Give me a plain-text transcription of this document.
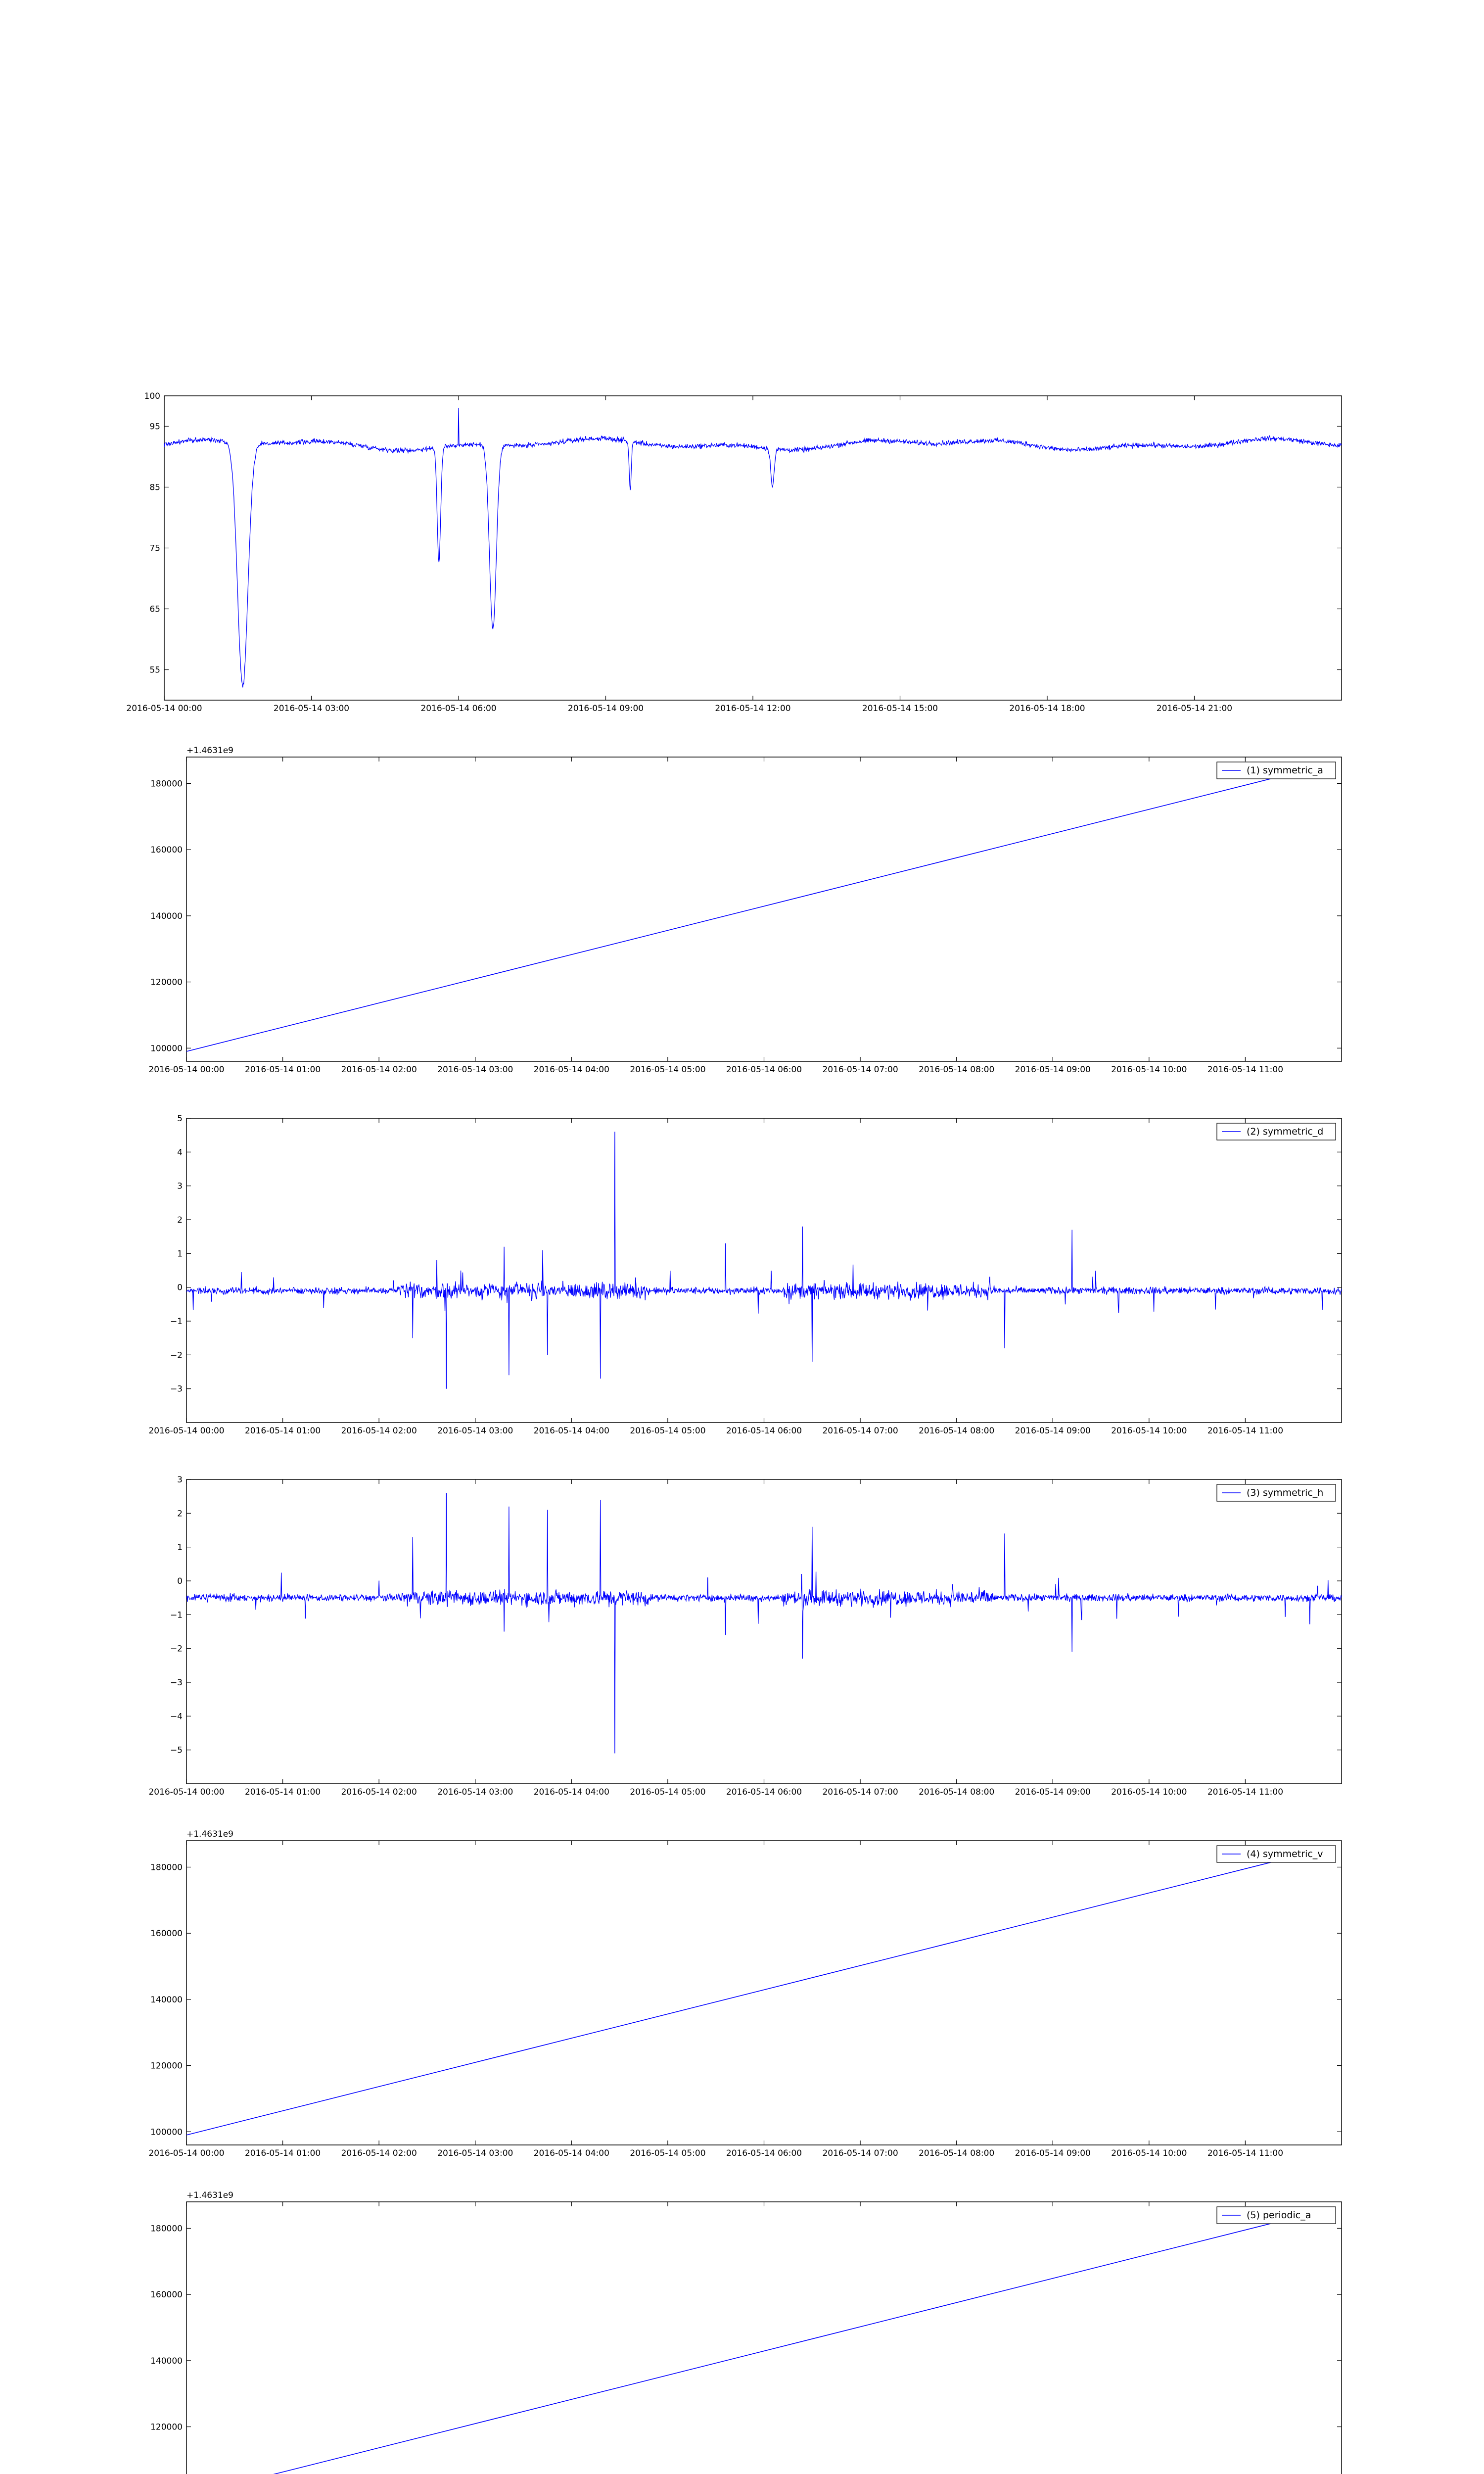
55
65
75
85
95
100
2016-05-14 00:00	2016-05-14 03:00	2016-05-14 06:00	2016-05-14 09:00	2016-05-14 12:00	2016-05-14 15:00	2016-05-14 18:00	2016-05-14 21:00
100000
120000
140000
160000
180000
2016-05-14 00:00 2016-05-14 01:00 2016-05-14 02:00 2016-05-14 03:00 2016-05-14 04:00 2016-05-14 05:00 2016-05-14 06:00 2016-05-14 07:00 2016-05-14 08:00 2016-05-14 09:00 2016-05-14 10:00 2016-05-14 11:00
+1.4631e9
(1) symmetric_a
−3
−2
−1
0
1
2
3
4
5
2016-05-14 00:00 2016-05-14 01:00 2016-05-14 02:00 2016-05-14 03:00 2016-05-14 04:00 2016-05-14 05:00 2016-05-14 06:00 2016-05-14 07:00 2016-05-14 08:00 2016-05-14 09:00 2016-05-14 10:00 2016-05-14 11:00
(2) symmetric_d
−5
−4
−3
−2
−1
0
1
2
3
2016-05-14 00:00 2016-05-14 01:00 2016-05-14 02:00 2016-05-14 03:00 2016-05-14 04:00 2016-05-14 05:00 2016-05-14 06:00 2016-05-14 07:00 2016-05-14 08:00 2016-05-14 09:00 2016-05-14 10:00 2016-05-14 11:00
(3) symmetric_h
100000
120000
140000
160000
180000
2016-05-14 00:00 2016-05-14 01:00 2016-05-14 02:00 2016-05-14 03:00 2016-05-14 04:00 2016-05-14 05:00 2016-05-14 06:00 2016-05-14 07:00 2016-05-14 08:00 2016-05-14 09:00 2016-05-14 10:00 2016-05-14 11:00
+1.4631e9
(4) symmetric_v
120000
140000
160000
180000
+1.4631e9
(5) periodic_a
